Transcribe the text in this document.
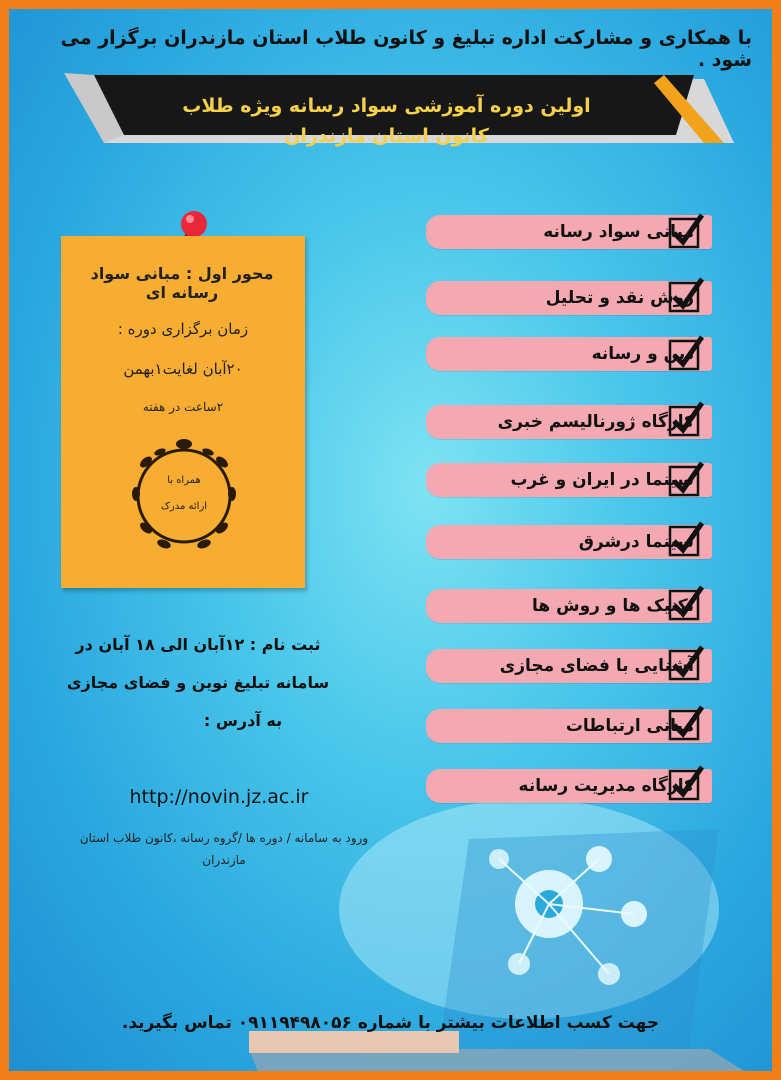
با همکاری و مشارکت اداره تبلیغ و کانون طلاب استان مازندران برگزار می شود .
اولین دوره آموزشی سواد رسانه ویژه طلاب کانون استان مازندران
محور اول : مبانی سواد رسانه ای
زمان برگزاری دوره :
۲۰آبان لغایت۱بهمن
۲ساعت در هفته
همراه با
ارائه مدرک
مبانی سواد رسانه
روش نقد و تحلیل
دین و رسانه
کارگاه ژورنالیسم خبری
سینما در ایران و غرب
سینما درشرق
تکنیک ها و روش ها
آشنایی با فضای مجازی
مبانی ارتباطات
کارگاه مدیریت رسانه
ثبت نام : ۱۲آبان الی ۱۸ آبان در
سامانه تبلیغ نوین و فضای مجازی
به آدرس :
http://novin.jz.ac.ir
ورود به سامانه / دوره ها /گروه رسانه ،کانون طلاب استان
مازندران
جهت کسب اطلاعات بیشتر با شماره ۰۹۱۱۹۴۹۸۰۵۶ تماس بگیرید.
